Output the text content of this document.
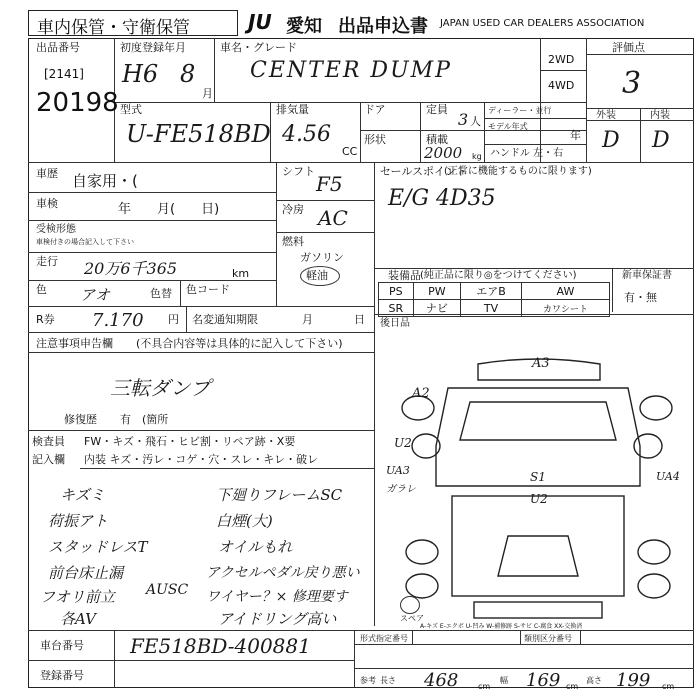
車内保管・守衛保管	JU 愛知 出品申込書 JAPAN USED CAR DEALERS ASSOCIATION
出品番号
[2141]
20198
初度登録年月
H6 8
月
車名・グレード
CENTER DUMP	2WD
4WD
評価点
3
外装	内装
D D
型式
U-FE518BD
排気量
4.56
CC
ドア	定員
3 人
ディーラー・並行
モデル年式
年
形状	積載
2000 kg ハンドル 左・右
車歴 自家用・(
車検	年　　月(　　日)
受検形態
車検付きの場合記入して下さい
走行 20万6千365	km
色 アオ	色替 色コード
シフト
F5
冷房 AC
燃料
ガソリン
軽油
セールスポイント
(正常に機能するものに限ります)
E/G 4D35
装備品 (純正品に限り◎をつけてください)
PS	PW	エアB	AW
SR	ナビ	TV	カワシート
新車保証書
有・無
後日品
R券 7.170 円 名変通知期限	月	日
注意事項申告欄 (不具合内容等は具体的に記入して下さい)
三転ダンプ
修復歴 有　(箇所
検査員
記入欄
FW・キズ・飛石・ヒビ割・リペア跡・X要
内装 キズ・汚レ・コゲ・穴・スレ・キレ・破レ
キズミ	下廻りフレームSC
荷振アト	白煙(大)
スタッドレスT	オイルもれ
前台床止漏	アクセルペダル戻り悪い
フオリ前立 AUSC ワイヤー？× 修理要す
各AV	アイドリング高い
A3
A2
U2
S1
U2
UA3
ガラレ
UA4
スペア
A-キズ E-エクボ U-凹み W-補修跡 S-サビ C-腐食 XX-交換済
車台番号 FE518BD-400881
登録番号
形式指定番号	類別区分番号
参考 長さ 468 cm
幅 169 cm
高さ 199 cm
